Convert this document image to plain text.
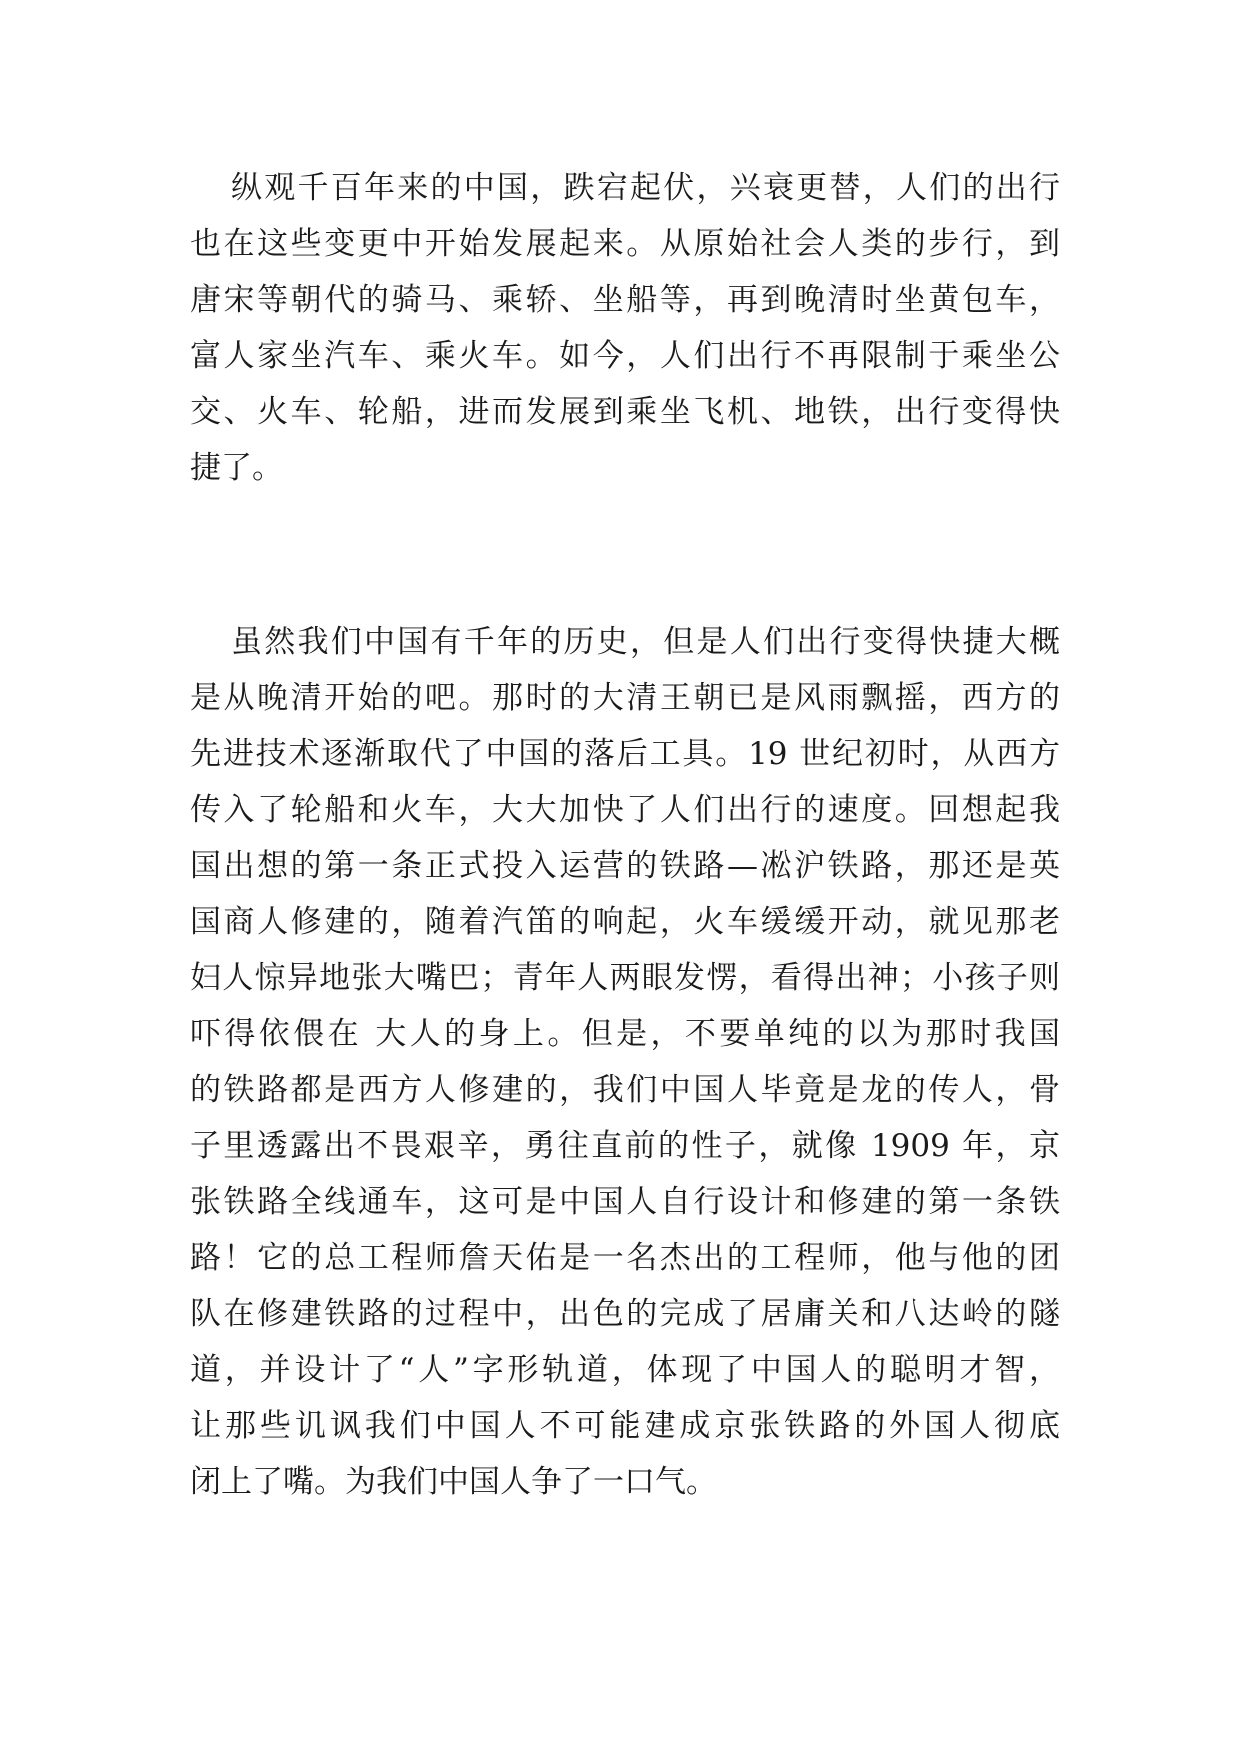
纵观千百年来的中国，跌宕起伏，兴衰更替，人们的出行
也在这些变更中开始发展起来。从原始社会人类的步行，到
唐宋等朝代的骑马、乘轿、坐船等，再到晚清时坐黄包车，
富人家坐汽车、乘火车。如今，人们出行不再限制于乘坐公
交、火车、轮船，进而发展到乘坐飞机、地铁，出行变得快
捷了。
虽然我们中国有千年的历史，但是人们出行变得快捷大概
是从晚清开始的吧。那时的大清王朝已是风雨飘摇，西方的
先进技术逐渐取代了中国的落后工具。19 世纪初时，从西方
传入了轮船和火车，大大加快了人们出行的速度。回想起我
国出想的第一条正式投入运营的铁路—凇沪铁路，那还是英
国商人修建的，随着汽笛的响起，火车缓缓开动，就见那老
妇人惊异地张大嘴巴；青年人两眼发愣，看得出神；小孩子则
吓得依偎在 大人的身上。但是，不要单纯的以为那时我国
的铁路都是西方人修建的，我们中国人毕竟是龙的传人，骨
子里透露出不畏艰辛，勇往直前的性子，就像 1909 年，京
张铁路全线通车，这可是中国人自行设计和修建的第一条铁
路！它的总工程师詹天佑是一名杰出的工程师，他与他的团
队在修建铁路的过程中，出色的完成了居庸关和八达岭的隧
道，并设计了“人”字形轨道，体现了中国人的聪明才智，
让那些讥讽我们中国人不可能建成京张铁路的外国人彻底
闭上了嘴。为我们中国人争了一口气。
